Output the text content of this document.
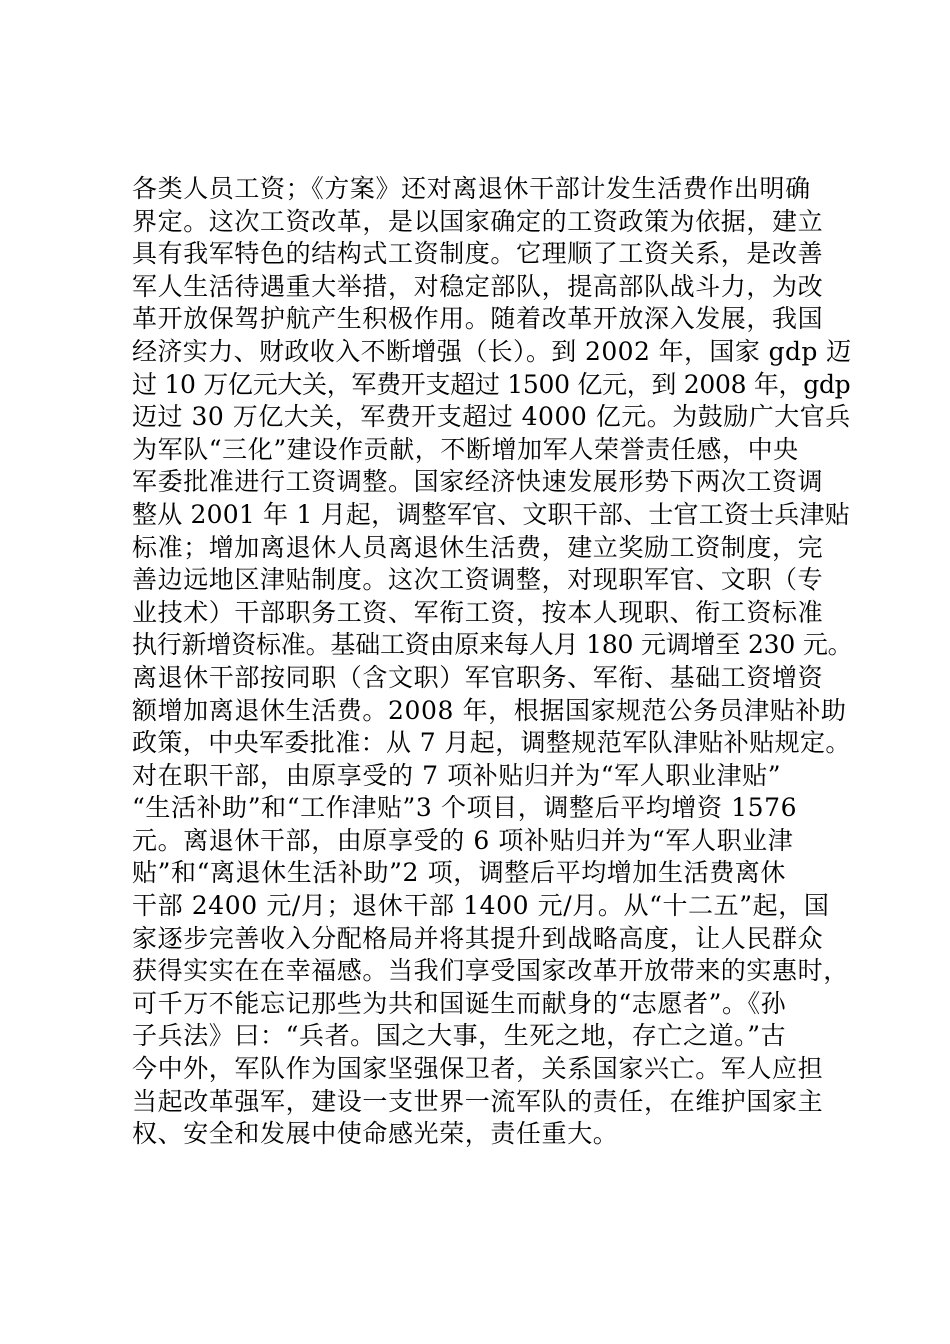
各类人员工资；《方案》还对离退休干部计发生活费作出明确
界定。这次工资改革，是以国家确定的工资政策为依据，建立
具有我军特色的结构式工资制度。它理顺了工资关系，是改善
军人生活待遇重大举措，对稳定部队，提高部队战斗力，为改
革开放保驾护航产生积极作用。随着改革开放深入发展，我国
经济实力、财政收入不断增强（长）。到 2002 年，国家 gdp 迈
过 10 万亿元大关，军费开支超过 1500 亿元，到 2008 年，gdp
迈过 30 万亿大关，军费开支超过 4000 亿元。为鼓励广大官兵
为军队“三化”建设作贡献，不断增加军人荣誉责任感，中央
军委批准进行工资调整。国家经济快速发展形势下两次工资调
整从 2001 年 1 月起，调整军官、文职干部、士官工资士兵津贴
标准；增加离退休人员离退休生活费，建立奖励工资制度，完
善边远地区津贴制度。这次工资调整，对现职军官、文职（专
业技术）干部职务工资、军衔工资，按本人现职、衔工资标准
执行新增资标准。基础工资由原来每人月 180 元调增至 230 元。
离退休干部按同职（含文职）军官职务、军衔、基础工资增资
额增加离退休生活费。2008 年，根据国家规范公务员津贴补助
政策，中央军委批准：从 7 月起，调整规范军队津贴补贴规定。
对在职干部，由原享受的 7 项补贴归并为“军人职业津贴”
“生活补助”和“工作津贴”3 个项目，调整后平均增资 1576
元。离退休干部，由原享受的 6 项补贴归并为“军人职业津
贴”和“离退休生活补助”2 项，调整后平均增加生活费离休
干部 2400 元/月；退休干部 1400 元/月。从“十二五”起，国
家逐步完善收入分配格局并将其提升到战略高度，让人民群众
获得实实在在幸福感。当我们享受国家改革开放带来的实惠时，
可千万不能忘记那些为共和国诞生而献身的“志愿者”。《孙
子兵法》曰：“兵者。国之大事，生死之地，存亡之道。”古
今中外，军队作为国家坚强保卫者，关系国家兴亡。军人应担
当起改革强军，建设一支世界一流军队的责任，在维护国家主
权、安全和发展中使命感光荣，责任重大。
